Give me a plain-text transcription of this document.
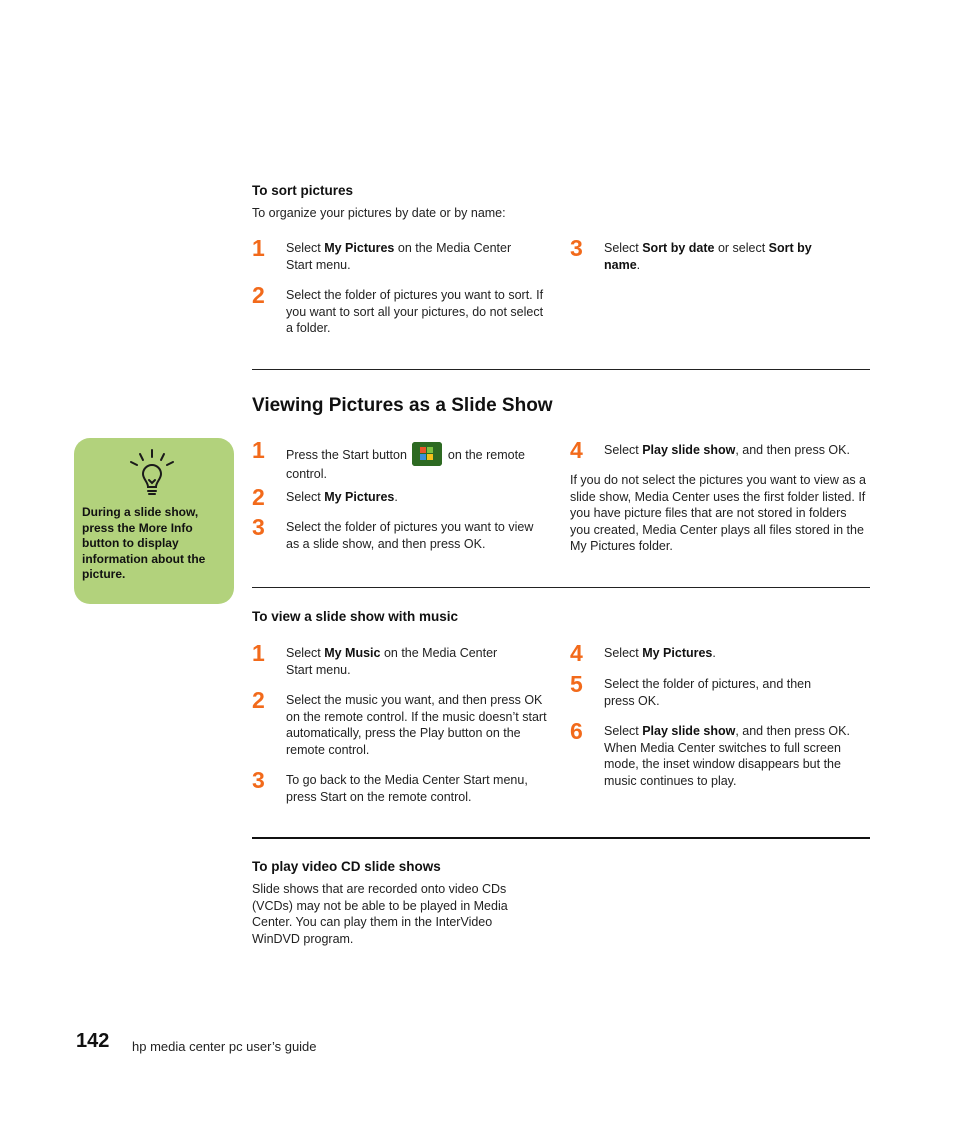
To sort pictures
To organize your pictures by date or by name:
1 Select My Pictures on the Media Center Start menu.
2 Select the folder of pictures you want to sort. If you want to sort all your pictures, do not select a folder.
3 Select Sort by date or select Sort by name.
Viewing Pictures as a Slide Show
During a slide show, press the More Info button to display information about the picture.
1 Press the Start button	on the remote control.
2 Select My Pictures.
3 Select the folder of pictures you want to view as a slide show, and then press OK.
4 Select Play slide show, and then press OK.
If you do not select the pictures you want to view as a slide show, Media Center uses the first folder listed. If you have picture files that are not stored in folders you created, Media Center plays all files stored in the My Pictures folder.
To view a slide show with music
1 Select My Music on the Media Center Start menu.
2 Select the music you want, and then press OK on the remote control. If the music doesn’t start automatically, press the Play button on the remote control.
3 To go back to the Media Center Start menu, press Start on the remote control.
4 Select My Pictures.
5 Select the folder of pictures, and then press OK.
6 Select Play slide show, and then press OK. When Media Center switches to full screen mode, the inset window disappears but the music continues to play.
To play video CD slide shows
Slide shows that are recorded onto video CDs (VCDs) may not be able to be played in Media Center. You can play them in the InterVideo WinDVD program.
142 hp media center pc user’s guide
